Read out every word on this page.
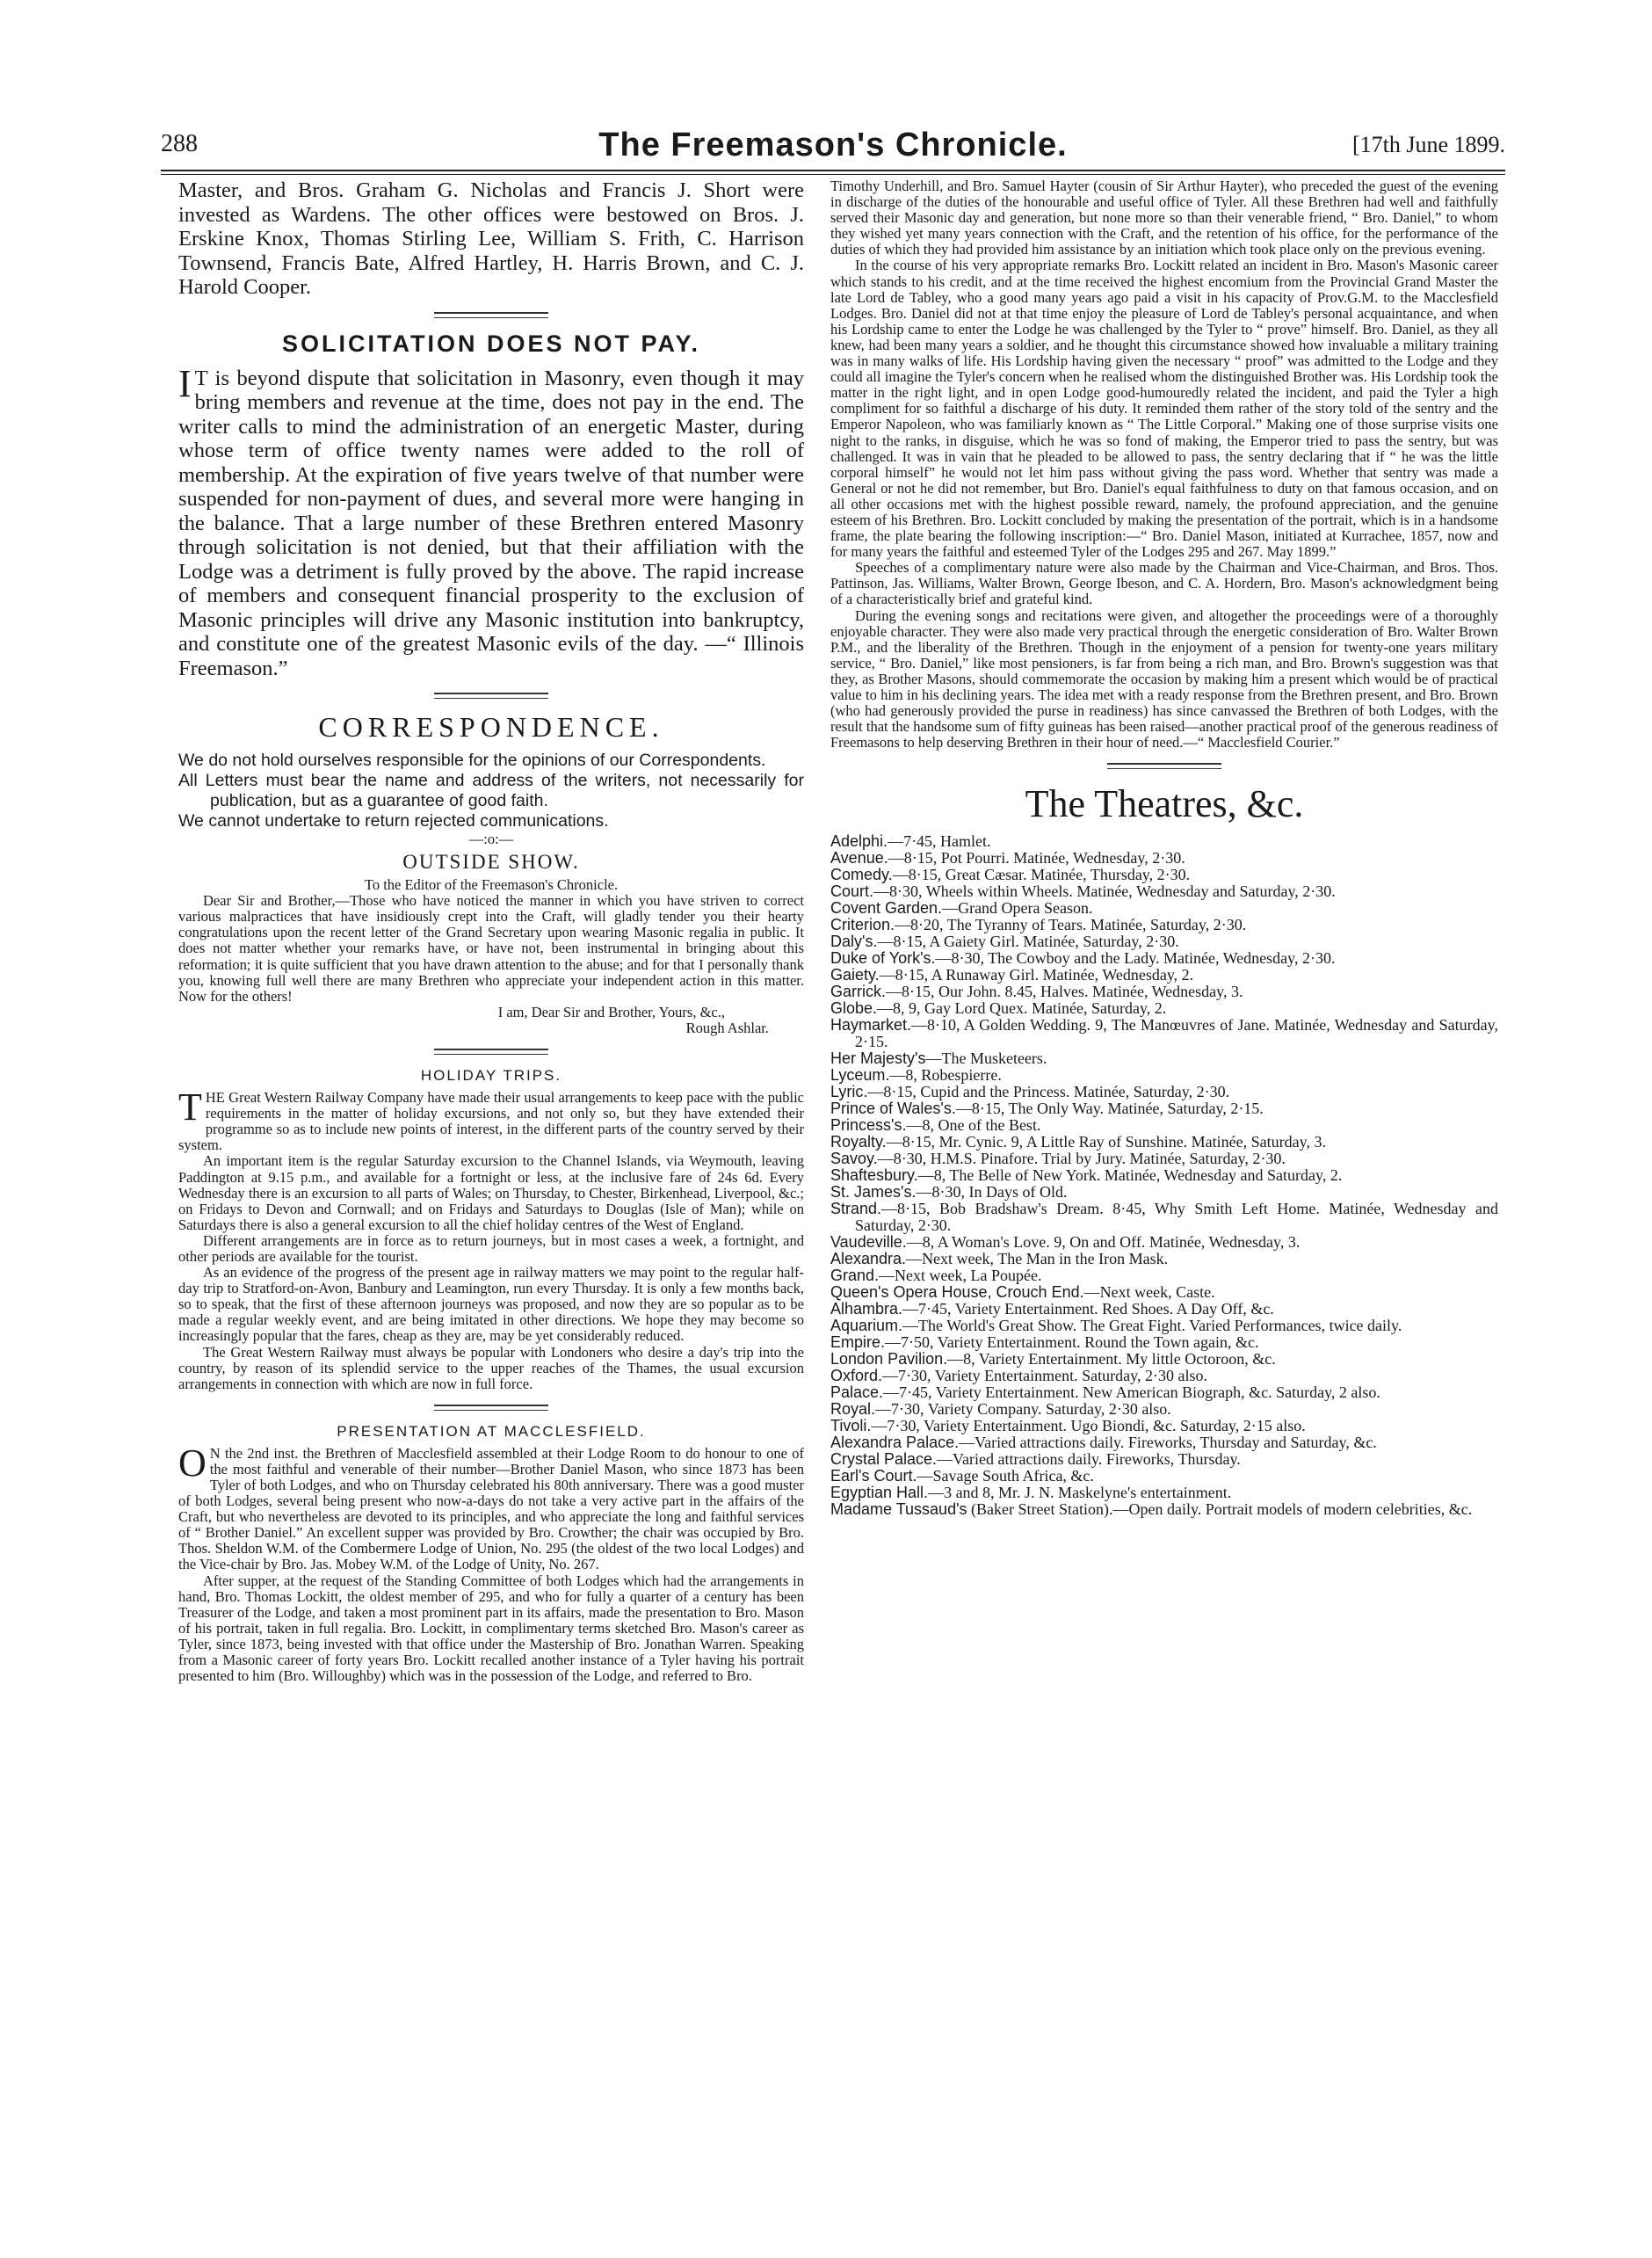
288	The Freemason's Chronicle.	[17th June 1899.

Master, and Bros. Graham G. Nicholas and Francis J. Short were invested as Wardens. The other offices were bestowed on Bros. J. Erskine Knox, Thomas Stirling Lee, William S. Frith, C. Harrison Townsend, Francis Bate, Alfred Hartley, H. Harris Brown, and C. J. Harold Cooper.

SOLICITATION DOES NOT PAY.

I T is beyond dispute that solicitation in Masonry, even though it may bring members and revenue at the time, does not pay in the end. The writer calls to mind the administration of an energetic Master, during whose term of office twenty names were added to the roll of membership. At the expiration of five years twelve of that number were suspended for non-payment of dues, and several more were hanging in the balance. That a large number of these Brethren entered Masonry through solicitation is not denied, but that their affiliation with the Lodge was a detriment is fully proved by the above. The rapid increase of members and consequent financial prosperity to the exclusion of Masonic principles will drive any Masonic institution into bankruptcy, and constitute one of the greatest Masonic evils of the day. —“ Illinois Freemason.”

CORRESPONDENCE.

We do not hold ourselves responsible for the opinions of our Correspondents.

All Letters must bear the name and address of the writers, not necessarily for publication, but as a guarantee of good faith.

We cannot undertake to return rejected communications.

—:o:—
OUTSIDE SHOW.
To the Editor of the Freemason's Chronicle.

Dear Sir and Brother,—Those who have noticed the manner in which you have striven to correct various malpractices that have insidiously crept into the Craft, will gladly tender you their hearty congratulations upon the recent letter of the Grand Secretary upon wearing Masonic regalia in public. It does not matter whether your remarks have, or have not, been instrumental in bringing about this reformation; it is quite sufficient that you have drawn attention to the abuse; and for that I personally thank you, knowing full well there are many Brethren who appreciate your independent action in this matter. Now for the others!

I am, Dear Sir and Brother, Yours, &c.,
Rough Ashlar.
HOLIDAY TRIPS.

THE Great Western Railway Company have made their usual arrangements to keep pace with the public requirements in the matter of holiday excursions, and not only so, but they have extended their programme so as to include new points of interest, in the different parts of the country served by their system.

An important item is the regular Saturday excursion to the Channel Islands, via Weymouth, leaving Paddington at 9.15 p.m., and available for a fortnight or less, at the inclusive fare of 24s 6d. Every Wednesday there is an excursion to all parts of Wales; on Thursday, to Chester, Birkenhead, Liverpool, &c.; on Fridays to Devon and Cornwall; and on Fridays and Saturdays to Douglas (Isle of Man); while on Saturdays there is also a general excursion to all the chief holiday centres of the West of England.

Different arrangements are in force as to return journeys, but in most cases a week, a fortnight, and other periods are available for the tourist.

As an evidence of the progress of the present age in railway matters we may point to the regular half-day trip to Stratford-on-Avon, Banbury and Leamington, run every Thursday. It is only a few months back, so to speak, that the first of these afternoon journeys was proposed, and now they are so popular as to be made a regular weekly event, and are being imitated in other directions. We hope they may become so increasingly popular that the fares, cheap as they are, may be yet considerably reduced.

The Great Western Railway must always be popular with Londoners who desire a day's trip into the country, by reason of its splendid service to the upper reaches of the Thames, the usual excursion arrangements in connection with which are now in full force.

PRESENTATION AT MACCLESFIELD.

O N the 2nd inst. the Brethren of Macclesfield assembled at their Lodge Room to do honour to one of the most faithful and venerable of their number—Brother Daniel Mason, who since 1873 has been Tyler of both Lodges, and who on Thursday celebrated his 80th anniversary. There was a good muster of both Lodges, several being present who now-a-days do not take a very active part in the affairs of the Craft, but who nevertheless are devoted to its principles, and who appreciate the long and faithful services of “ Brother Daniel.” An excellent supper was provided by Bro. Crowther; the chair was occupied by Bro. Thos. Sheldon W.M. of the Combermere Lodge of Union, No. 295 (the oldest of the two local Lodges) and the Vice-chair by Bro. Jas. Mobey W.M. of the Lodge of Unity, No. 267.

After supper, at the request of the Standing Committee of both Lodges which had the arrangements in hand, Bro. Thomas Lockitt, the oldest member of 295, and who for fully a quarter of a century has been Treasurer of the Lodge, and taken a most prominent part in its affairs, made the presentation to Bro. Mason of his portrait, taken in full regalia. Bro. Lockitt, in complimentary terms sketched Bro. Mason's career as Tyler, since 1873, being invested with that office under the Mastership of Bro. Jonathan Warren. Speaking from a Masonic career of forty years Bro. Lockitt recalled another instance of a Tyler having his portrait presented to him (Bro. Willoughby) which was in the possession of the Lodge, and referred to Bro.

Timothy Underhill, and Bro. Samuel Hayter (cousin of Sir Arthur Hayter), who preceded the guest of the evening in discharge of the duties of the honourable and useful office of Tyler. All these Brethren had well and faithfully served their Masonic day and generation, but none more so than their venerable friend, “ Bro. Daniel,” to whom they wished yet many years connection with the Craft, and the retention of his office, for the performance of the duties of which they had provided him assistance by an initiation which took place only on the previous evening.

In the course of his very appropriate remarks Bro. Lockitt related an incident in Bro. Mason's Masonic career which stands to his credit, and at the time received the highest encomium from the Provincial Grand Master the late Lord de Tabley, who a good many years ago paid a visit in his capacity of Prov.G.M. to the Macclesfield Lodges. Bro. Daniel did not at that time enjoy the pleasure of Lord de Tabley's personal acquaintance, and when his Lordship came to enter the Lodge he was challenged by the Tyler to “ prove” himself. Bro. Daniel, as they all knew, had been many years a soldier, and he thought this circumstance showed how invaluable a military training was in many walks of life. His Lordship having given the necessary “ proof” was admitted to the Lodge and they could all imagine the Tyler's concern when he realised whom the distinguished Brother was. His Lordship took the matter in the right light, and in open Lodge good-humouredly related the incident, and paid the Tyler a high compliment for so faithful a discharge of his duty. It reminded them rather of the story told of the sentry and the Emperor Napoleon, who was familiarly known as “ The Little Corporal.” Making one of those surprise visits one night to the ranks, in disguise, which he was so fond of making, the Emperor tried to pass the sentry, but was challenged. It was in vain that he pleaded to be allowed to pass, the sentry declaring that if “ he was the little corporal himself” he would not let him pass without giving the pass word. Whether that sentry was made a General or not he did not remember, but Bro. Daniel's equal faithfulness to duty on that famous occasion, and on all other occasions met with the highest possible reward, namely, the profound appreciation, and the genuine esteem of his Brethren. Bro. Lockitt concluded by making the presentation of the portrait, which is in a handsome frame, the plate bearing the following inscription:—“ Bro. Daniel Mason, initiated at Kurrachee, 1857, now and for many years the faithful and esteemed Tyler of the Lodges 295 and 267. May 1899.”

Speeches of a complimentary nature were also made by the Chairman and Vice-Chairman, and Bros. Thos. Pattinson, Jas. Williams, Walter Brown, George Ibeson, and C. A. Hordern, Bro. Mason's acknowledgment being of a characteristically brief and grateful kind.

During the evening songs and recitations were given, and altogether the proceedings were of a thoroughly enjoyable character. They were also made very practical through the energetic consideration of Bro. Walter Brown P.M., and the liberality of the Brethren. Though in the enjoyment of a pension for twenty-one years military service, “ Bro. Daniel,” like most pensioners, is far from being a rich man, and Bro. Brown's suggestion was that they, as Brother Masons, should commemorate the occasion by making him a present which would be of practical value to him in his declining years. The idea met with a ready response from the Brethren present, and Bro. Brown (who had generously provided the purse in readiness) has since canvassed the Brethren of both Lodges, with the result that the handsome sum of fifty guineas has been raised—another practical proof of the generous readiness of Freemasons to help deserving Brethren in their hour of need.—“ Macclesfield Courier.”

The Theatres, &c.

Adelphi.—7·45, Hamlet.

Avenue.—8·15, Pot Pourri. Matinée, Wednesday, 2·30.

Comedy.—8·15, Great Cæsar. Matinée, Thursday, 2·30.

Court.—8·30, Wheels within Wheels. Matinée, Wednesday and Saturday, 2·30.

Covent Garden.—Grand Opera Season.

Criterion.—8·20, The Tyranny of Tears. Matinée, Saturday, 2·30.

Daly's.—8·15, A Gaiety Girl. Matinée, Saturday, 2·30.

Duke of York's.—8·30, The Cowboy and the Lady. Matinée, Wednesday, 2·30.

Gaiety.—8·15, A Runaway Girl. Matinée, Wednesday, 2.

Garrick.—8·15, Our John. 8.45, Halves. Matinée, Wednesday, 3.

Globe.—8, 9, Gay Lord Quex. Matinée, Saturday, 2.

Haymarket.—8·10, A Golden Wedding. 9, The Manœuvres of Jane. Matinée, Wednesday and Saturday, 2·15.

Her Majesty's—The Musketeers.

Lyceum.—8, Robespierre.

Lyric.—8·15, Cupid and the Princess. Matinée, Saturday, 2·30.

Prince of Wales's.—8·15, The Only Way. Matinée, Saturday, 2·15.

Princess's.—8, One of the Best.

Royalty.—8·15, Mr. Cynic. 9, A Little Ray of Sunshine. Matinée, Saturday, 3.

Savoy.—8·30, H.M.S. Pinafore. Trial by Jury. Matinée, Saturday, 2·30.

Shaftesbury.—8, The Belle of New York. Matinée, Wednesday and Saturday, 2.

St. James's.—8·30, In Days of Old.

Strand.—8·15, Bob Bradshaw's Dream. 8·45, Why Smith Left Home. Matinée, Wednesday and Saturday, 2·30.

Vaudeville.—8, A Woman's Love. 9, On and Off. Matinée, Wednesday, 3.

Alexandra.—Next week, The Man in the Iron Mask.

Grand.—Next week, La Poupée.

Queen's Opera House, Crouch End.—Next week, Caste.

Alhambra.—7·45, Variety Entertainment. Red Shoes. A Day Off, &c.

Aquarium.—The World's Great Show. The Great Fight. Varied Performances, twice daily.

Empire.—7·50, Variety Entertainment. Round the Town again, &c.

London Pavilion.—8, Variety Entertainment. My little Octoroon, &c.

Oxford.—7·30, Variety Entertainment. Saturday, 2·30 also.

Palace.—7·45, Variety Entertainment. New American Biograph, &c. Saturday, 2 also.

Royal.—7·30, Variety Company. Saturday, 2·30 also.

Tivoli.—7·30, Variety Entertainment. Ugo Biondi, &c. Saturday, 2·15 also.

Alexandra Palace.—Varied attractions daily. Fireworks, Thursday and Saturday, &c.

Crystal Palace.—Varied attractions daily. Fireworks, Thursday.

Earl's Court.—Savage South Africa, &c.

Egyptian Hall.—3 and 8, Mr. J. N. Maskelyne's entertainment.

Madame Tussaud's (Baker Street Station).—Open daily. Portrait models of modern celebrities, &c.
